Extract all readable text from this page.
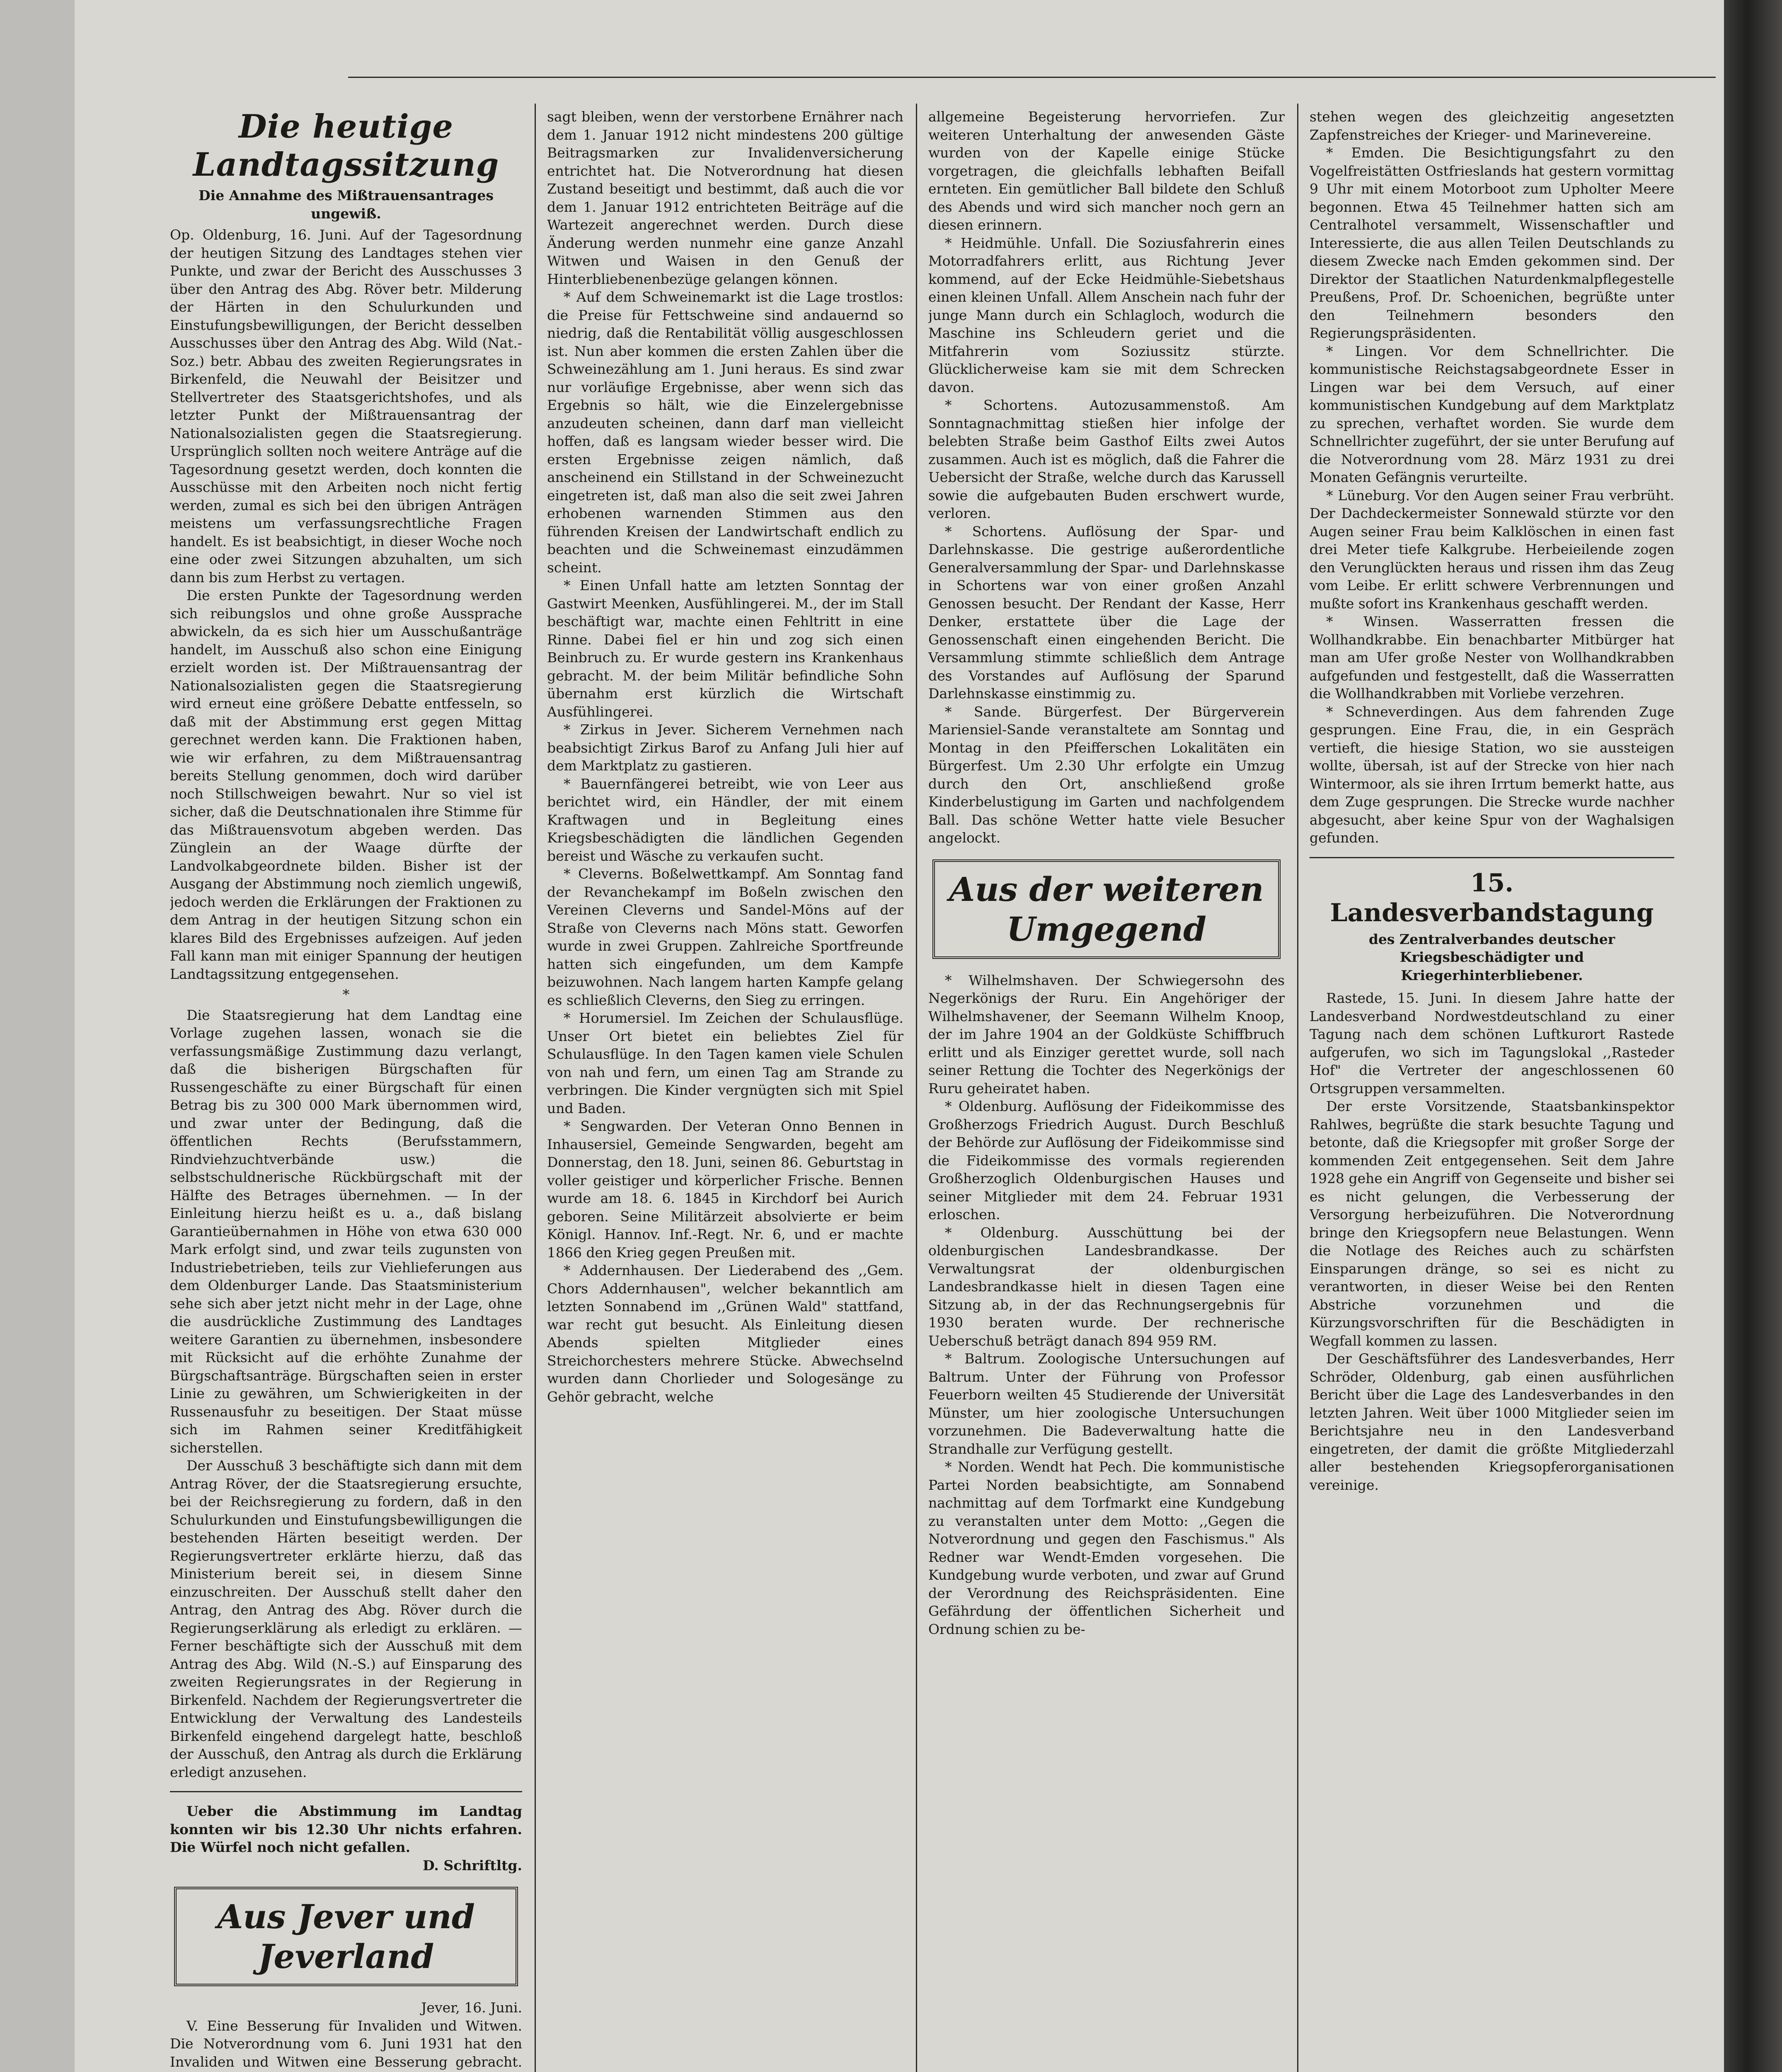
Die heutige Landtagssitzung
Die Annahme des Mißtrauensantrages ungewiß.

Op. Oldenburg, 16. Juni. Auf der Tagesordnung der heutigen Sitzung des Landtages stehen vier Punkte, und zwar der Bericht des Ausschusses 3 über den Antrag des Abg. Röver betr. Milderung der Härten in den Schulurkunden und Einstufungsbewilligungen, der Bericht desselben Ausschusses über den Antrag des Abg. Wild (Nat.-Soz.) betr. Abbau des zweiten Regierungsrates in Birkenfeld, die Neuwahl der Beisitzer und Stellvertreter des Staatsgerichtshofes, und als letzter Punkt der Mißtrauensantrag der Nationalsozialisten gegen die Staatsregierung. Ursprünglich sollten noch weitere Anträge auf die Tagesordnung gesetzt werden, doch konnten die Ausschüsse mit den Arbeiten noch nicht fertig werden, zumal es sich bei den übrigen Anträgen meistens um verfassungsrechtliche Fragen handelt. Es ist beabsichtigt, in dieser Woche noch eine oder zwei Sitzungen abzuhalten, um sich dann bis zum Herbst zu vertagen.

Die ersten Punkte der Tagesordnung werden sich reibungslos und ohne große Aussprache abwickeln, da es sich hier um Ausschußanträge handelt, im Ausschuß also schon eine Einigung erzielt worden ist. Der Mißtrauensantrag der Nationalsozialisten gegen die Staatsregierung wird erneut eine größere Debatte entfesseln, so daß mit der Abstimmung erst gegen Mittag gerechnet werden kann. Die Fraktionen haben, wie wir erfahren, zu dem Mißtrauensantrag bereits Stellung genommen, doch wird darüber noch Stillschweigen bewahrt. Nur so viel ist sicher, daß die Deutschnationalen ihre Stimme für das Mißtrauensvotum abgeben werden. Das Zünglein an der Waage dürfte der Landvolkabgeordnete bilden. Bisher ist der Ausgang der Abstimmung noch ziemlich ungewiß, jedoch werden die Erklärungen der Fraktionen zu dem Antrag in der heutigen Sitzung schon ein klares Bild des Ergebnisses aufzeigen. Auf jeden Fall kann man mit einiger Spannung der heutigen Landtagssitzung entgegensehen.

*

Die Staatsregierung hat dem Landtag eine Vorlage zugehen lassen, wonach sie die verfassungsmäßige Zustimmung dazu verlangt, daß die bisherigen Bürgschaften für Russengeschäfte zu einer Bürgschaft für einen Betrag bis zu 300 000 Mark übernommen wird, und zwar unter der Bedingung, daß die öffentlichen Rechts (Berufsstammern, Rindviehzuchtverbände usw.) die selbstschuldnerische Rückbürgschaft mit der Hälfte des Betrages übernehmen. — In der Einleitung hierzu heißt es u. a., daß bislang Garantieübernahmen in Höhe von etwa 630 000 Mark erfolgt sind, und zwar teils zugunsten von Industriebetrieben, teils zur Viehlieferungen aus dem Oldenburger Lande. Das Staatsministerium sehe sich aber jetzt nicht mehr in der Lage, ohne die ausdrückliche Zustimmung des Landtages weitere Garantien zu übernehmen, insbesondere mit Rücksicht auf die erhöhte Zunahme der Bürgschaftsanträge. Bürgschaften seien in erster Linie zu gewähren, um Schwierigkeiten in der Russenausfuhr zu beseitigen. Der Staat müsse sich im Rahmen seiner Kreditfähigkeit sicherstellen.

Der Ausschuß 3 beschäftigte sich dann mit dem Antrag Röver, der die Staatsregierung ersuchte, bei der Reichsregierung zu fordern, daß in den Schulurkunden und Einstufungsbewilligungen die bestehenden Härten beseitigt werden. Der Regierungsvertreter erklärte hierzu, daß das Ministerium bereit sei, in diesem Sinne einzuschreiten. Der Ausschuß stellt daher den Antrag, den Antrag des Abg. Röver durch die Regierungserklärung als erledigt zu erklären. — Ferner beschäftigte sich der Ausschuß mit dem Antrag des Abg. Wild (N.-S.) auf Einsparung des zweiten Regierungsrates in der Regierung in Birkenfeld. Nachdem der Regierungsvertreter die Entwicklung der Verwaltung des Landesteils Birkenfeld eingehend dargelegt hatte, beschloß der Ausschuß, den Antrag als durch die Erklärung erledigt anzusehen.

Ueber die Abstimmung im Landtag konnten wir bis 12.30 Uhr nichts erfahren. Die Würfel noch nicht gefallen.

D. Schriftltg.
Aus Jever und Jeverland
Jever, 16. Juni.

V. Eine Besserung für Invaliden und Witwen. Die Notverordnung vom 6. Juni 1931 hat den Invaliden und Witwen eine Besserung gebracht.

sagt bleiben, wenn der verstorbene Ernährer nach dem 1. Januar 1912 nicht mindestens 200 gültige Beitragsmarken zur Invalidenversicherung entrichtet hat. Die Notverordnung hat diesen Zustand beseitigt und bestimmt, daß auch die vor dem 1. Januar 1912 entrichteten Beiträge auf die Wartezeit angerechnet werden. Durch diese Änderung werden nunmehr eine ganze Anzahl Witwen und Waisen in den Genuß der Hinterbliebenenbezüge gelangen können.

* Auf dem Schweinemarkt ist die Lage trostlos: die Preise für Fettschweine sind andauernd so niedrig, daß die Rentabilität völlig ausgeschlossen ist. Nun aber kommen die ersten Zahlen über die Schweinezählung am 1. Juni heraus. Es sind zwar nur vorläufige Ergebnisse, aber wenn sich das Ergebnis so hält, wie die Einzelergebnisse anzudeuten scheinen, dann darf man vielleicht hoffen, daß es langsam wieder besser wird. Die ersten Ergebnisse zeigen nämlich, daß anscheinend ein Stillstand in der Schweinezucht eingetreten ist, daß man also die seit zwei Jahren erhobenen warnenden Stimmen aus den führenden Kreisen der Landwirtschaft endlich zu beachten und die Schweinemast einzudämmen scheint.

* Einen Unfall hatte am letzten Sonntag der Gastwirt Meenken, Ausfühlingerei. M., der im Stall beschäftigt war, machte einen Fehltritt in eine Rinne. Dabei fiel er hin und zog sich einen Beinbruch zu. Er wurde gestern ins Krankenhaus gebracht. M. der beim Militär befindliche Sohn übernahm erst kürzlich die Wirtschaft Ausfühlingerei.

* Zirkus in Jever. Sicherem Vernehmen nach beabsichtigt Zirkus Barof zu Anfang Juli hier auf dem Marktplatz zu gastieren.

* Bauernfängerei betreibt, wie von Leer aus berichtet wird, ein Händler, der mit einem Kraftwagen und in Begleitung eines Kriegsbeschädigten die ländlichen Gegenden bereist und Wäsche zu verkaufen sucht.

* Cleverns. Boßelwettkampf. Am Sonntag fand der Revanchekampf im Boßeln zwischen den Vereinen Cleverns und Sandel-Möns auf der Straße von Cleverns nach Möns statt. Geworfen wurde in zwei Gruppen. Zahlreiche Sportfreunde hatten sich eingefunden, um dem Kampfe beizuwohnen. Nach langem harten Kampfe gelang es schließlich Cleverns, den Sieg zu erringen.

* Horumersiel. Im Zeichen der Schulausflüge. Unser Ort bietet ein beliebtes Ziel für Schulausflüge. In den Tagen kamen viele Schulen von nah und fern, um einen Tag am Strande zu verbringen. Die Kinder vergnügten sich mit Spiel und Baden.

* Sengwarden. Der Veteran Onno Bennen in Inhausersiel, Gemeinde Sengwarden, begeht am Donnerstag, den 18. Juni, seinen 86. Geburtstag in voller geistiger und körperlicher Frische. Bennen wurde am 18. 6. 1845 in Kirchdorf bei Aurich geboren. Seine Militärzeit absolvierte er beim Königl. Hannov. Inf.-Regt. Nr. 6, und er machte 1866 den Krieg gegen Preußen mit.

* Addernhausen. Der Liederabend des ,,Gem. Chors Addernhausen", welcher bekanntlich am letzten Sonnabend im ,,Grünen Wald" stattfand, war recht gut besucht. Als Einleitung diesen Abends spielten Mitglieder eines Streichorchesters mehrere Stücke. Abwechselnd wurden dann Chorlieder und Sologesänge zu Gehör gebracht, welche

allgemeine Begeisterung hervorriefen. Zur weiteren Unterhaltung der anwesenden Gäste wurden von der Kapelle einige Stücke vorgetragen, die gleichfalls lebhaften Beifall ernteten. Ein gemütlicher Ball bildete den Schluß des Abends und wird sich mancher noch gern an diesen erinnern.

* Heidmühle. Unfall. Die Soziusfahrerin eines Motorradfahrers erlitt, aus Richtung Jever kommend, auf der Ecke Heidmühle-Siebetshaus einen kleinen Unfall. Allem Anschein nach fuhr der junge Mann durch ein Schlagloch, wodurch die Maschine ins Schleudern geriet und die Mitfahrerin vom Soziussitz stürzte. Glücklicherweise kam sie mit dem Schrecken davon.

* Schortens. Autozusammenstoß. Am Sonntagnachmittag stießen hier infolge der belebten Straße beim Gasthof Eilts zwei Autos zusammen. Auch ist es möglich, daß die Fahrer die Uebersicht der Straße, welche durch das Karussell sowie die aufgebauten Buden erschwert wurde, verloren.

* Schortens. Auflösung der Spar- und Darlehnskasse. Die gestrige außerordentliche Generalversammlung der Spar- und Darlehnskasse in Schortens war von einer großen Anzahl Genossen besucht. Der Rendant der Kasse, Herr Denker, erstattete über die Lage der Genossenschaft einen eingehenden Bericht. Die Versammlung stimmte schließlich dem Antrage des Vorstandes auf Auflösung der Sparund Darlehnskasse einstimmig zu.

* Sande. Bürgerfest. Der Bürgerverein Mariensiel-Sande veranstaltete am Sonntag und Montag in den Pfeifferschen Lokalitäten ein Bürgerfest. Um 2.30 Uhr erfolgte ein Umzug durch den Ort, anschließend große Kinderbelustigung im Garten und nachfolgendem Ball. Das schöne Wetter hatte viele Besucher angelockt.

Aus der weiteren Umgegend

* Wilhelmshaven. Der Schwiegersohn des Negerkönigs der Ruru. Ein Angehöriger der Wilhelmshavener, der Seemann Wilhelm Knoop, der im Jahre 1904 an der Goldküste Schiffbruch erlitt und als Einziger gerettet wurde, soll nach seiner Rettung die Tochter des Negerkönigs der Ruru geheiratet haben.

* Oldenburg. Auflösung der Fideikommisse des Großherzogs Friedrich August. Durch Beschluß der Behörde zur Auflösung der Fideikommisse sind die Fideikommisse des vormals regierenden Großherzoglich Oldenburgischen Hauses und seiner Mitglieder mit dem 24. Februar 1931 erloschen.

* Oldenburg. Ausschüttung bei der oldenburgischen Landesbrandkasse. Der Verwaltungsrat der oldenburgischen Landesbrandkasse hielt in diesen Tagen eine Sitzung ab, in der das Rechnungsergebnis für 1930 beraten wurde. Der rechnerische Ueberschuß beträgt danach 894 959 RM.

* Baltrum. Zoologische Untersuchungen auf Baltrum. Unter der Führung von Professor Feuerborn weilten 45 Studierende der Universität Münster, um hier zoologische Untersuchungen vorzunehmen. Die Badeverwaltung hatte die Strandhalle zur Verfügung gestellt.

* Norden. Wendt hat Pech. Die kommunistische Partei Norden beabsichtigte, am Sonnabend nachmittag auf dem Torfmarkt eine Kundgebung zu veranstalten unter dem Motto: ,,Gegen die Notverordnung und gegen den Faschismus." Als Redner war Wendt-Emden vorgesehen. Die Kundgebung wurde verboten, und zwar auf Grund der Verordnung des Reichspräsidenten. Eine Gefährdung der öffentlichen Sicherheit und Ordnung schien zu be-

stehen wegen des gleichzeitig angesetzten Zapfenstreiches der Krieger- und Marinevereine.

* Emden. Die Besichtigungsfahrt zu den Vogelfreistätten Ostfrieslands hat gestern vormittag 9 Uhr mit einem Motorboot zum Upholter Meere begonnen. Etwa 45 Teilnehmer hatten sich am Centralhotel versammelt, Wissenschaftler und Interessierte, die aus allen Teilen Deutschlands zu diesem Zwecke nach Emden gekommen sind. Der Direktor der Staatlichen Naturdenkmalpflegestelle Preußens, Prof. Dr. Schoenichen, begrüßte unter den Teilnehmern besonders den Regierungspräsidenten.

* Lingen. Vor dem Schnellrichter. Die kommunistische Reichstagsabgeordnete Esser in Lingen war bei dem Versuch, auf einer kommunistischen Kundgebung auf dem Marktplatz zu sprechen, verhaftet worden. Sie wurde dem Schnellrichter zugeführt, der sie unter Berufung auf die Notverordnung vom 28. März 1931 zu drei Monaten Gefängnis verurteilte.

* Lüneburg. Vor den Augen seiner Frau verbrüht. Der Dachdeckermeister Sonnewald stürzte vor den Augen seiner Frau beim Kalklöschen in einen fast drei Meter tiefe Kalkgrube. Herbeieilende zogen den Verunglückten heraus und rissen ihm das Zeug vom Leibe. Er erlitt schwere Verbrennungen und mußte sofort ins Krankenhaus geschafft werden.

* Winsen. Wasserratten fressen die Wollhandkrabbe. Ein benachbarter Mitbürger hat man am Ufer große Nester von Wollhandkrabben aufgefunden und festgestellt, daß die Wasserratten die Wollhandkrabben mit Vorliebe verzehren.

* Schneverdingen. Aus dem fahrenden Zuge gesprungen. Eine Frau, die, in ein Gespräch vertieft, die hiesige Station, wo sie aussteigen wollte, übersah, ist auf der Strecke von hier nach Wintermoor, als sie ihren Irrtum bemerkt hatte, aus dem Zuge gesprungen. Die Strecke wurde nachher abgesucht, aber keine Spur von der Waghalsigen gefunden.

15. Landesverbandstagung
des Zentralverbandes deutscher Kriegsbeschädigter und Kriegerhinterbliebener.

Rastede, 15. Juni. In diesem Jahre hatte der Landesverband Nordwestdeutschland zu einer Tagung nach dem schönen Luftkurort Rastede aufgerufen, wo sich im Tagungslokal ,,Rasteder Hof" die Vertreter der angeschlossenen 60 Ortsgruppen versammelten.

Der erste Vorsitzende, Staatsbankinspektor Rahlwes, begrüßte die stark besuchte Tagung und betonte, daß die Kriegsopfer mit großer Sorge der kommenden Zeit entgegensehen. Seit dem Jahre 1928 gehe ein Angriff von Gegenseite und bisher sei es nicht gelungen, die Verbesserung der Versorgung herbeizuführen. Die Notverordnung bringe den Kriegsopfern neue Belastungen. Wenn die Notlage des Reiches auch zu schärfsten Einsparungen dränge, so sei es nicht zu verantworten, in dieser Weise bei den Renten Abstriche vorzunehmen und die Kürzungsvorschriften für die Beschädigten in Wegfall kommen zu lassen.

Der Geschäftsführer des Landesverbandes, Herr Schröder, Oldenburg, gab einen ausführlichen Bericht über die Lage des Landesverbandes in den letzten Jahren. Weit über 1000 Mitglieder seien im Berichtsjahre neu in den Landesverband eingetreten, der damit die größte Mitgliederzahl aller bestehenden Kriegsopferorganisationen vereinige.
